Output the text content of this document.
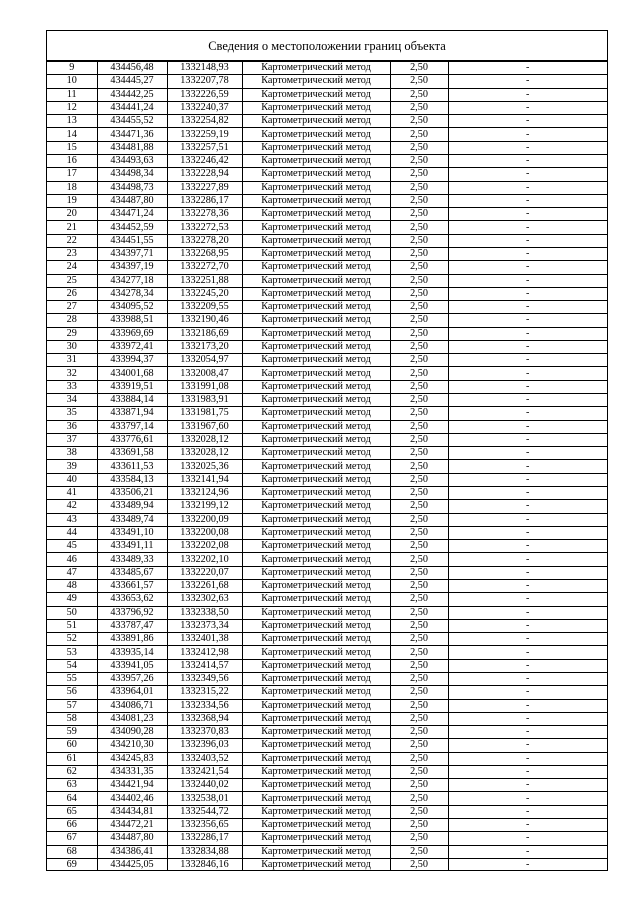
Сведения о местоположении границ объекта
9	434456,48	1332148,93	Картометрический метод	2,50	-
10	434445,27	1332207,78	Картометрический метод	2,50	-
11	434442,25	1332226,59	Картометрический метод	2,50	-
12	434441,24	1332240,37	Картометрический метод	2,50	-
13	434455,52	1332254,82	Картометрический метод	2,50	-
14	434471,36	1332259,19	Картометрический метод	2,50	-
15	434481,88	1332257,51	Картометрический метод	2,50	-
16	434493,63	1332246,42	Картометрический метод	2,50	-
17	434498,34	1332228,94	Картометрический метод	2,50	-
18	434498,73	1332227,89	Картометрический метод	2,50	-
19	434487,80	1332286,17	Картометрический метод	2,50	-
20	434471,24	1332278,36	Картометрический метод	2,50	-
21	434452,59	1332272,53	Картометрический метод	2,50	-
22	434451,55	1332278,20	Картометрический метод	2,50	-
23	434397,71	1332268,95	Картометрический метод	2,50	-
24	434397,19	1332272,70	Картометрический метод	2,50	-
25	434277,18	1332251,88	Картометрический метод	2,50	-
26	434278,34	1332245,20	Картометрический метод	2,50	-
27	434095,52	1332209,55	Картометрический метод	2,50	-
28	433988,51	1332190,46	Картометрический метод	2,50	-
29	433969,69	1332186,69	Картометрический метод	2,50	-
30	433972,41	1332173,20	Картометрический метод	2,50	-
31	433994,37	1332054,97	Картометрический метод	2,50	-
32	434001,68	1332008,47	Картометрический метод	2,50	-
33	433919,51	1331991,08	Картометрический метод	2,50	-
34	433884,14	1331983,91	Картометрический метод	2,50	-
35	433871,94	1331981,75	Картометрический метод	2,50	-
36	433797,14	1331967,60	Картометрический метод	2,50	-
37	433776,61	1332028,12	Картометрический метод	2,50	-
38	433691,58	1332028,12	Картометрический метод	2,50	-
39	433611,53	1332025,36	Картометрический метод	2,50	-
40	433584,13	1332141,94	Картометрический метод	2,50	-
41	433506,21	1332124,96	Картометрический метод	2,50	-
42	433489,94	1332199,12	Картометрический метод	2,50	-
43	433489,74	1332200,09	Картометрический метод	2,50	-
44	433491,10	1332200,08	Картометрический метод	2,50	-
45	433491,11	1332202,08	Картометрический метод	2,50	-
46	433489,33	1332202,10	Картометрический метод	2,50	-
47	433485,67	1332220,07	Картометрический метод	2,50	-
48	433661,57	1332261,68	Картометрический метод	2,50	-
49	433653,62	1332302,63	Картометрический метод	2,50	-
50	433796,92	1332338,50	Картометрический метод	2,50	-
51	433787,47	1332373,34	Картометрический метод	2,50	-
52	433891,86	1332401,38	Картометрический метод	2,50	-
53	433935,14	1332412,98	Картометрический метод	2,50	-
54	433941,05	1332414,57	Картометрический метод	2,50	-
55	433957,26	1332349,56	Картометрический метод	2,50	-
56	433964,01	1332315,22	Картометрический метод	2,50	-
57	434086,71	1332334,56	Картометрический метод	2,50	-
58	434081,23	1332368,94	Картометрический метод	2,50	-
59	434090,28	1332370,83	Картометрический метод	2,50	-
60	434210,30	1332396,03	Картометрический метод	2,50	-
61	434245,83	1332403,52	Картометрический метод	2,50	-
62	434331,35	1332421,54	Картометрический метод	2,50	-
63	434421,94	1332440,02	Картометрический метод	2,50	-
64	434402,46	1332538,01	Картометрический метод	2,50	-
65	434434,81	1332544,72	Картометрический метод	2,50	-
66	434472,21	1332356,65	Картометрический метод	2,50	-
67	434487,80	1332286,17	Картометрический метод	2,50	-
68	434386,41	1332834,88	Картометрический метод	2,50	-
69	434425,05	1332846,16	Картометрический метод	2,50	-
